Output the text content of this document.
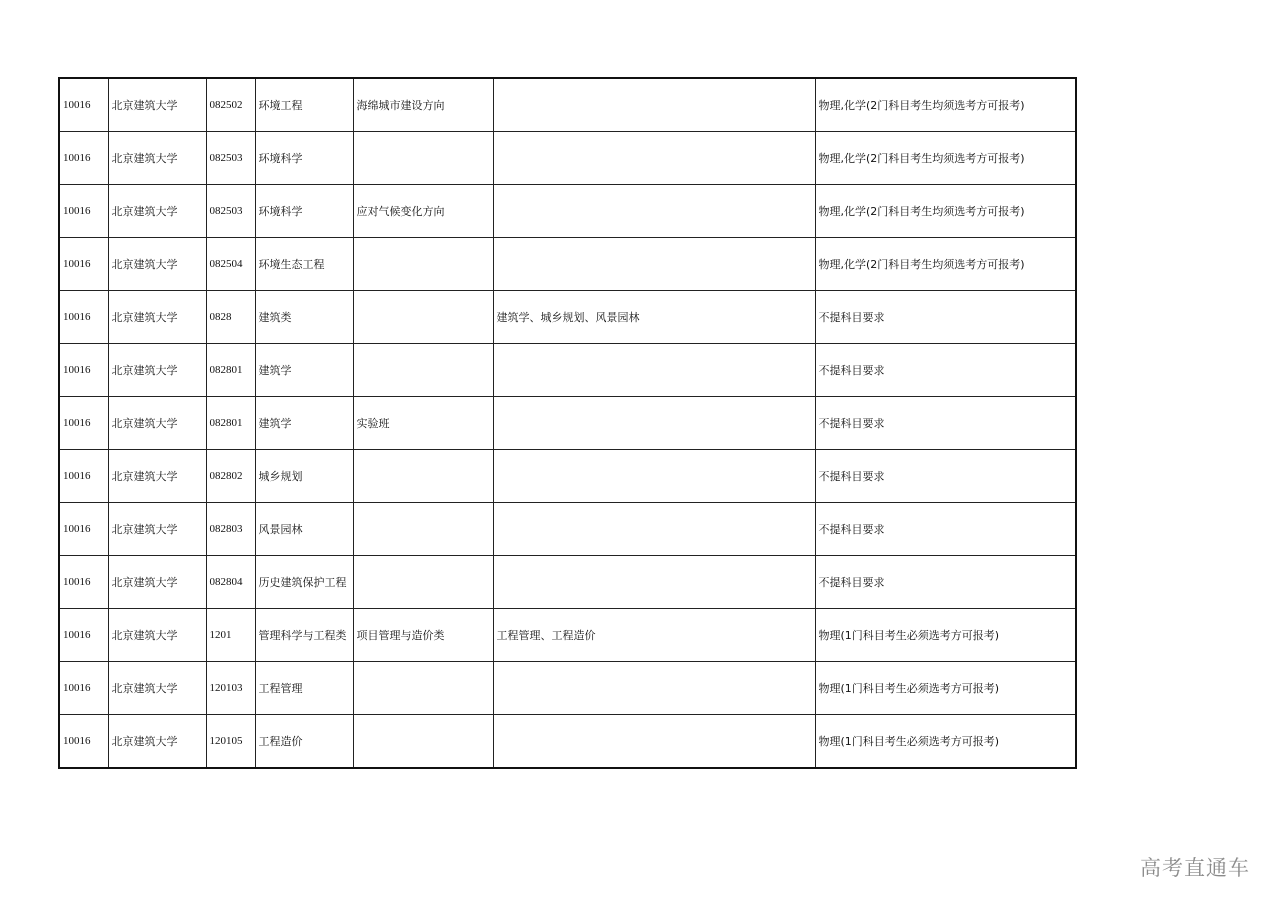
10016	北京建筑大学	082502	环境工程	海绵城市建设方向		物理,化学(2门科目考生均须选考方可报考)
10016	北京建筑大学	082503	环境科学			物理,化学(2门科目考生均须选考方可报考)
10016	北京建筑大学	082503	环境科学	应对气候变化方向		物理,化学(2门科目考生均须选考方可报考)
10016	北京建筑大学	082504	环境生态工程			物理,化学(2门科目考生均须选考方可报考)
10016	北京建筑大学	0828	建筑类		建筑学、城乡规划、风景园林	不提科目要求
10016	北京建筑大学	082801	建筑学			不提科目要求
10016	北京建筑大学	082801	建筑学	实验班		不提科目要求
10016	北京建筑大学	082802	城乡规划			不提科目要求
10016	北京建筑大学	082803	风景园林			不提科目要求
10016	北京建筑大学	082804	历史建筑保护工程			不提科目要求
10016	北京建筑大学	1201	管理科学与工程类	项目管理与造价类	工程管理、工程造价	物理(1门科目考生必须选考方可报考)
10016	北京建筑大学	120103	工程管理			物理(1门科目考生必须选考方可报考)
10016	北京建筑大学	120105	工程造价			物理(1门科目考生必须选考方可报考)
高考直通车
